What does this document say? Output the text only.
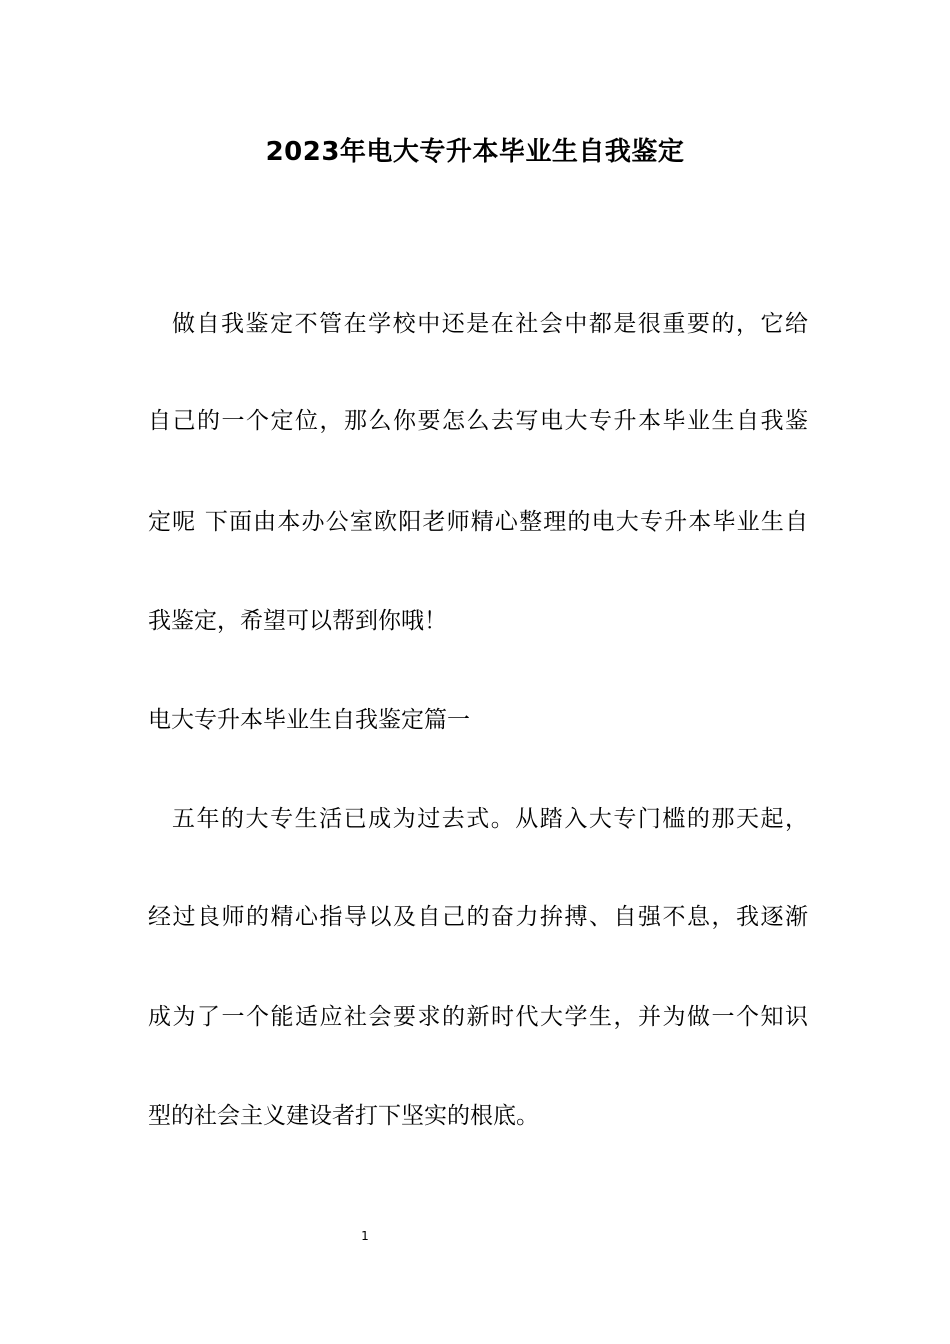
2023年电大专升本毕业生自我鉴定
做自我鉴定不管在学校中还是在社会中都是很重要的，它给
自己的一个定位，那么你要怎么去写电大专升本毕业生自我鉴
定呢 下面由本办公室欧阳老师精心整理的电大专升本毕业生自
我鉴定，希望可以帮到你哦！
电大专升本毕业生自我鉴定篇一
五年的大专生活已成为过去式。从踏入大专门槛的那天起，
经过良师的精心指导以及自己的奋力拚搏、自强不息，我逐渐
成为了一个能适应社会要求的新时代大学生，并为做一个知识
型的社会主义建设者打下坚实的根底。
1
